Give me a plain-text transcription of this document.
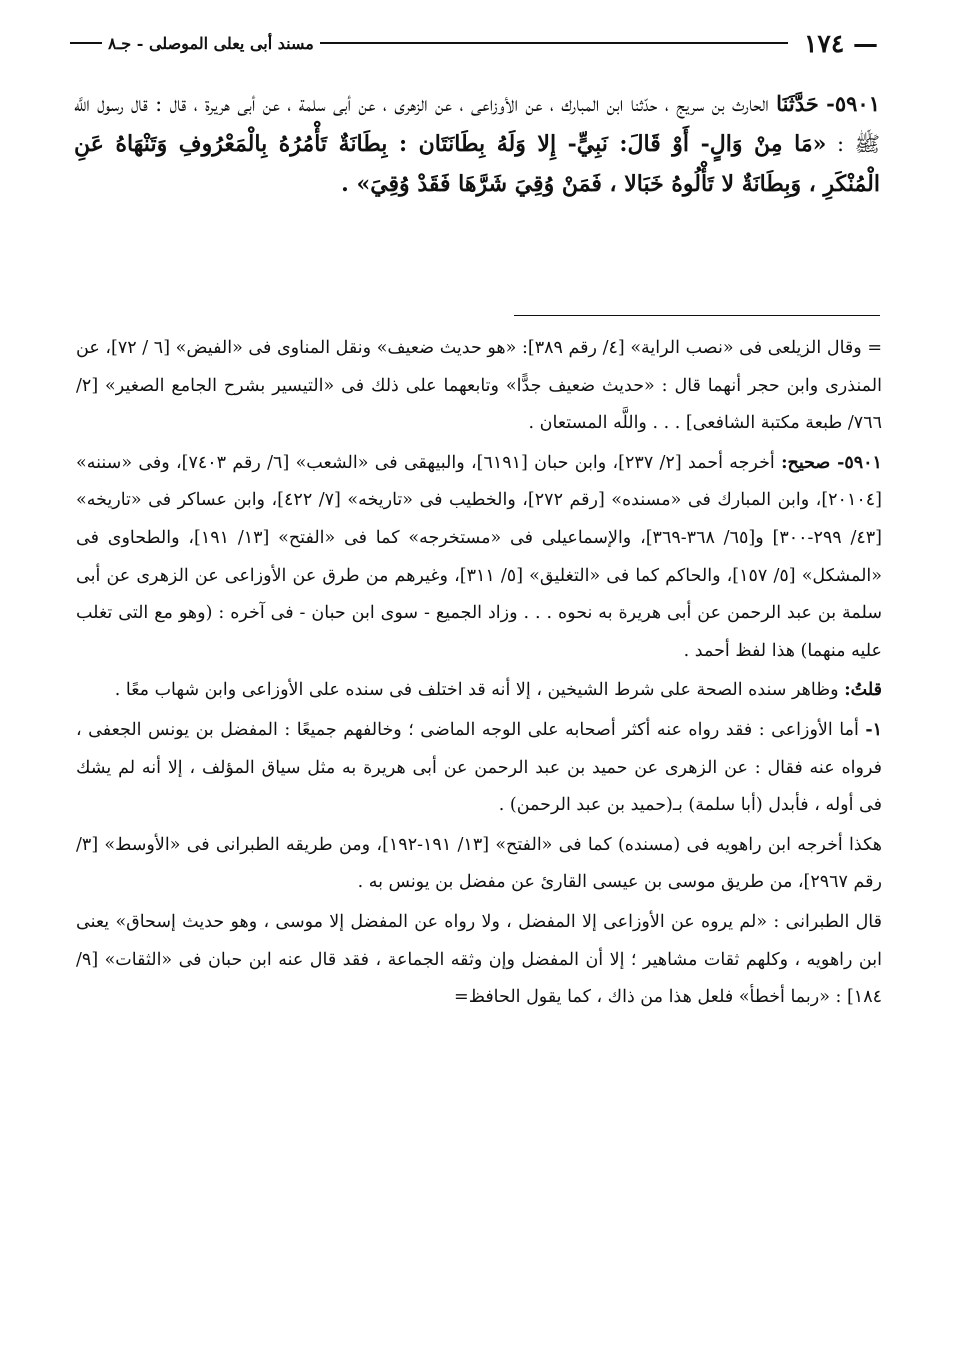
— ١٧٤
مسند أبى يعلى الموصلى - جـ٨
٥٩٠١- حَدَّثَنَا الحارث بن سريج ، حدّثنا ابن المبارك ، عن الأوزاعى ، عن الزهرى ، عن أبى سلمة ، عن أبى هريرة ، قال : قال رسول اللَّه ﷺ : «مَا مِنْ وَالٍ- أَوْ قَالَ: نَبِيٍّ- إِلا وَلَهُ بِطَانَتَان : بِطَانَةٌ تَأْمُرُهُ بِالْمَعْرُوفِ وَتَنْهَاهُ عَنِ الْمُنْكَرِ ، وَبِطَانَةٌ لا تَأْلُوهُ خَبَالا ، فَمَنْ وُقِيَ شَرَّهَا فَقَدْ وُقِيَ» .

= وقال الزيلعى فى «نصب الراية» [٤/ رقم ٣٨٩]: «هو حديث ضعيف» ونقل المناوى فى «الفيض» [٦ / ٧٢]، عن المنذرى وابن حجر أنهما قال : «حديث ضعيف جدًّا» وتابعهما على ذلك فى «التيسير بشرح الجامع الصغير» [٢/ ٧٦٦/ طبعة مكتبة الشافعى] . . . واللَّه المستعان .

٥٩٠١- صحيح: أخرجه أحمد [٢/ ٢٣٧]، وابن حبان [٦١٩١]، والبيهقى فى «الشعب» [٦/ رقم ٧٤٠٣]، وفى «سننه» [٢٠١٠٤]، وابن المبارك فى «مسنده» [رقم ٢٧٢]، والخطيب فى «تاريخه» [٧/ ٤٢٢]، وابن عساكر فى «تاريخه» [٤٣/ ٢٩٩-٣٠٠] و[٦٥/ ٣٦٨-٣٦٩]، والإسماعيلى فى «مستخرجه» كما فى «الفتح» [١٣/ ١٩١]، والطحاوى فى «المشكل» [٥/ ١٥٧]، والحاكم كما فى «التغليق» [٥/ ٣١١]، وغيرهم من طرق عن الأوزاعى عن الزهرى عن أبى سلمة بن عبد الرحمن عن أبى هريرة به نحوه . . . وزاد الجميع - سوى ابن حبان - فى آخره : (وهو مع التى تغلب عليه منهما) هذا لفظ أحمد .

قلتُ: وظاهر سنده الصحة على شرط الشيخين ، إلا أنه قد اختلف فى سنده على الأوزاعى وابن شهاب معًا .

١- أما الأوزاعى : فقد رواه عنه أكثر أصحابه على الوجه الماضى ؛ وخالفهم جميعًا : المفضل بن يونس الجعفى ، فرواه عنه فقال : عن الزهرى عن حميد بن عبد الرحمن عن أبى هريرة به مثل سياق المؤلف ، إلا أنه لم يشك فى أوله ، فأبدل (أبا سلمة) بـ(حميد بن عبد الرحمن) .

هكذا أخرجه ابن راهويه فى (مسنده) كما فى «الفتح» [١٣/ ١٩١-١٩٢]، ومن طريقه الطبرانى فى «الأوسط» [٣/ رقم ٢٩٦٧]، من طريق موسى بن عيسى القارئ عن مفضل بن يونس به .

قال الطبرانى : «لم يروه عن الأوزاعى إلا المفضل ، ولا رواه عن المفضل إلا موسى ، وهو حديث إسحاق» يعنى ابن راهويه ، وكلهم ثقات مشاهير ؛ إلا أن المفضل وإن وثقه الجماعة ، فقد قال عنه ابن حبان فى «الثقات» [٩/ ١٨٤] : «ربما أخطأ» فلعل هذا من ذاك ، كما يقول الحافظ=
